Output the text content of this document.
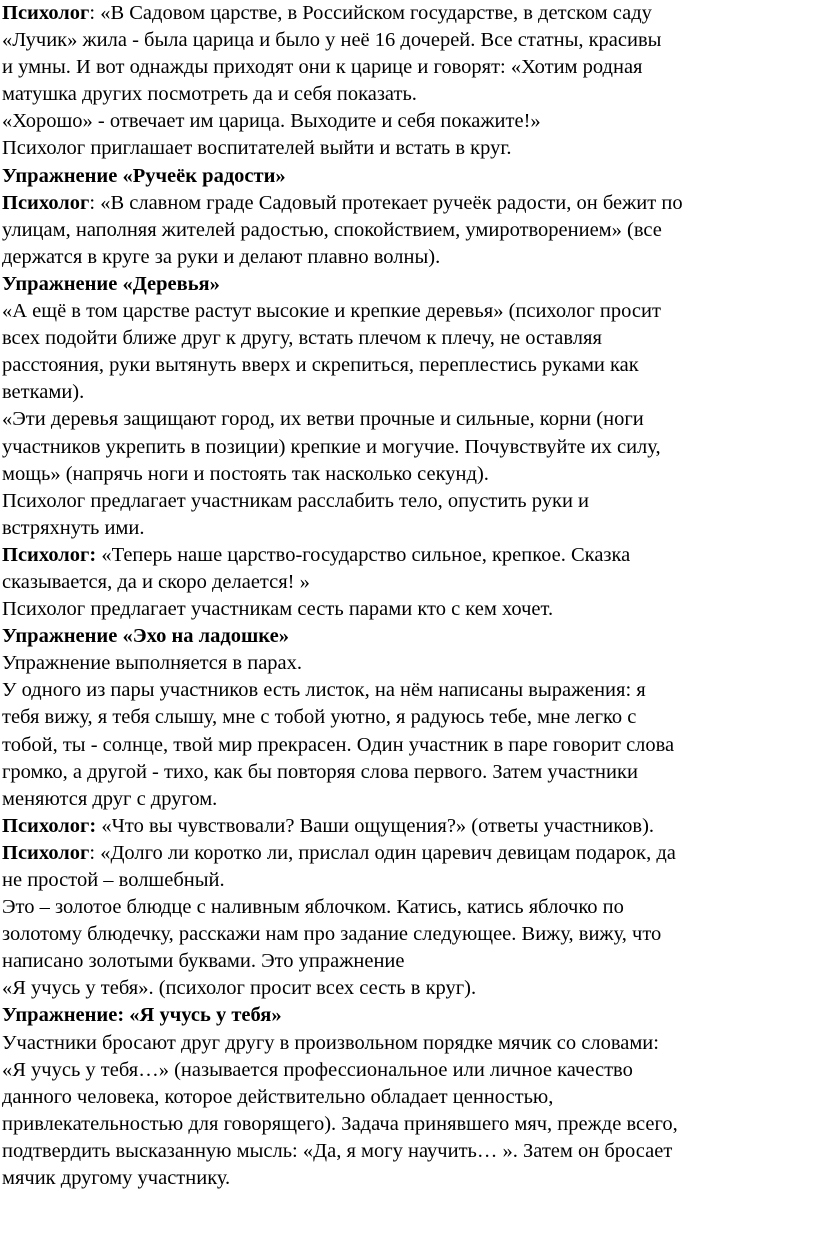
Психолог: «В Садовом царстве, в Российском государстве, в детском саду
«Лучик» жила - была царица и было у неё 16 дочерей. Все статны, красивы
и умны. И вот однажды приходят они к царице и говорят: «Хотим родная
матушка других посмотреть да и себя показать.

«Хорошо» - отвечает им царица. Выходите и себя покажите!»

Психолог приглашает воспитателей выйти и встать в круг.

Упражнение «Ручеёк радости»

Психолог: «В славном граде Садовый протекает ручеёк радости, он бежит по
улицам, наполняя жителей радостью, спокойствием, умиротворением» (все
держатся в круге за руки и делают плавно волны).

Упражнение «Деревья»

«А ещё в том царстве растут высокие и крепкие деревья» (психолог просит
всех подойти ближе друг к другу, встать плечом к плечу, не оставляя
расстояния, руки вытянуть вверх и скрепиться, переплестись руками как
ветками).

«Эти деревья защищают город, их ветви прочные и сильные, корни (ноги
участников укрепить в позиции) крепкие и могучие. Почувствуйте их силу,
мощь» (напрячь ноги и постоять так насколько секунд).

Психолог предлагает участникам расслабить тело, опустить руки и
встряхнуть ими.

Психолог: «Теперь наше царство-государство сильное, крепкое. Сказка
сказывается, да и скоро делается! »

Психолог предлагает участникам сесть парами кто с кем хочет.

Упражнение «Эхо на ладошке»

Упражнение выполняется в парах.

У одного из пары участников есть листок, на нём написаны выражения: я
тебя вижу, я тебя слышу, мне с тобой уютно, я радуюсь тебе, мне легко с
тобой, ты - солнце, твой мир прекрасен. Один участник в паре говорит слова
громко, а другой - тихо, как бы повторяя слова первого. Затем участники
меняются друг с другом.

Психолог: «Что вы чувствовали? Ваши ощущения?» (ответы участников).

Психолог: «Долго ли коротко ли, прислал один царевич девицам подарок, да
не простой – волшебный.

Это – золотое блюдце с наливным яблочком. Катись, катись яблочко по
золотому блюдечку, расскажи нам про задание следующее. Вижу, вижу, что
написано золотыми буквами. Это упражнение
«Я учусь у тебя». (психолог просит всех сесть в круг).

Упражнение: «Я учусь у тебя»

Участники бросают друг другу в произвольном порядке мячик со словами:
«Я учусь у тебя…» (называется профессиональное или личное качество
данного человека, которое действительно обладает ценностью,
привлекательностью для говорящего). Задача принявшего мяч, прежде всего,
подтвердить высказанную мысль: «Да, я могу научить… ». Затем он бросает
мячик другому участнику.
